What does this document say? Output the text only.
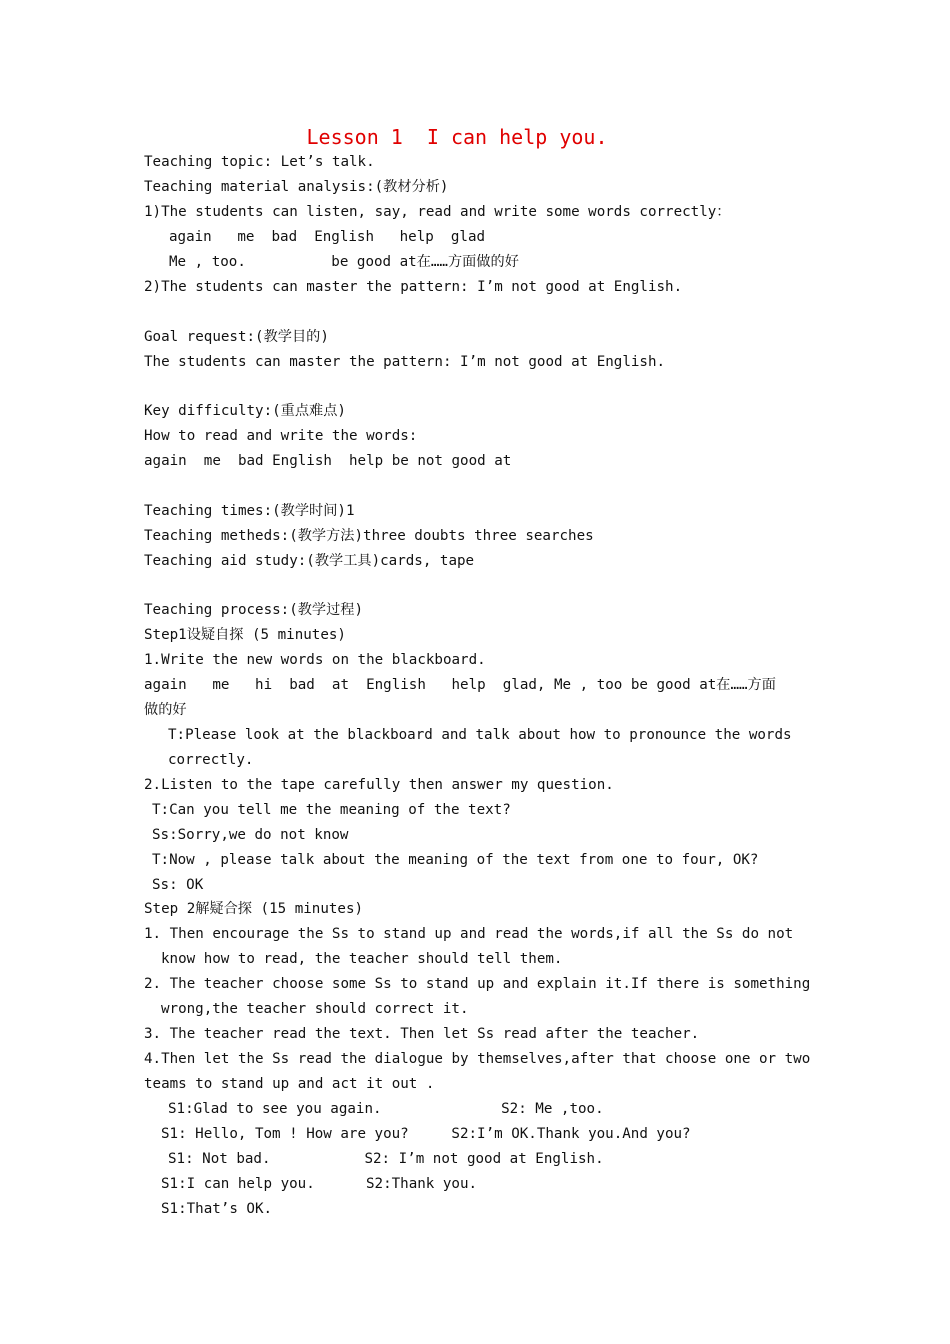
Lesson 1  I can help you.
Teaching topic: Let’s talk.
Teaching material analysis:(教材分析)
1)The students can listen, say, read and write some words correctly：
again   me  bad  English   help  glad
Me , too.          be good at在……方面做的好
2)The students can master the pattern: I’m not good at English.
Goal request:(教学目的)
The students can master the pattern: I’m not good at English.
Key difficulty:(重点难点)
How to read and write the words:
again  me  bad English  help be not good at
Teaching times:(教学时间)1
Teaching metheds:(教学方法)three doubts three searches
Teaching aid study:(教学工具)cards, tape
Teaching process:(教学过程)
Step1设疑自探 (5 minutes)
1.Write the new words on the blackboard.
again   me   hi  bad  at  English   help  glad, Me , too be good at在……方面
做的好
T:Please look at the blackboard and talk about how to pronounce the words
correctly.
2.Listen to the tape carefully then answer my question.
T:Can you tell me the meaning of the text?
Ss:Sorry,we do not know
T:Now , please talk about the meaning of the text from one to four, OK?
Ss: OK
Step 2解疑合探 (15 minutes)
1. Then encourage the Ss to stand up and read the words,if all the Ss do not
know how to read, the teacher should tell them.
2. The teacher choose some Ss to stand up and explain it.If there is something
wrong,the teacher should correct it.
3. The teacher read the text. Then let Ss read after the teacher.
4.Then let the Ss read the dialogue by themselves,after that choose one or two
teams to stand up and act it out .
S1:Glad to see you again.              S2: Me ,too.
S1: Hello, Tom ! How are you?     S2:I’m OK.Thank you.And you?
S1: Not bad.           S2: I’m not good at English.
S1:I can help you.      S2:Thank you.
S1:That’s OK.
